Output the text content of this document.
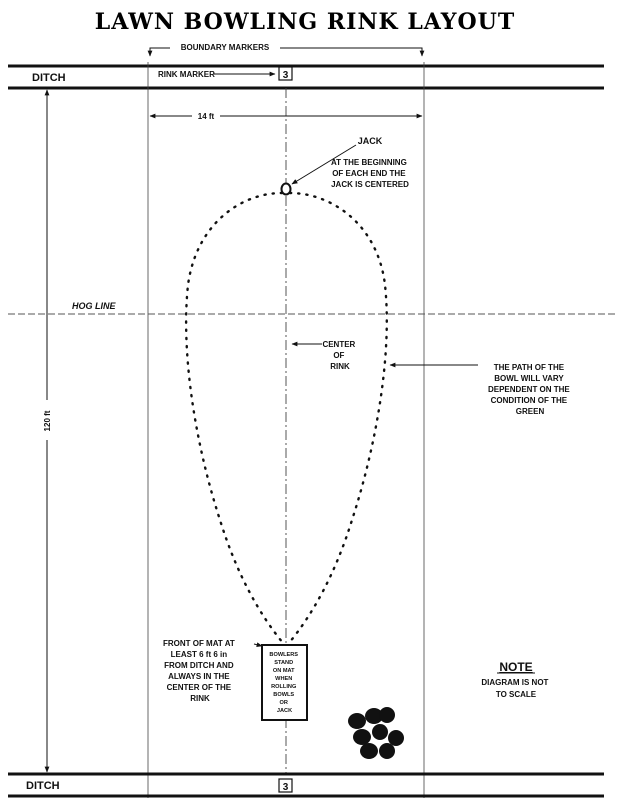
LAWN BOWLING RINK LAYOUT
BOUNDARY MARKERS
DITCH	RINK MARKER	3
14 ft
120 ft
HOG LINE
JACK
AT THE BEGINNING OF EACH END THE JACK IS CENTERED
CENTER OF RINK	THE PATH OF THE BOWL WILL VARY DEPENDENT ON THE CONDITION OF THE GREEN
FRONT OF MAT AT LEAST 6 ft 6 in FROM DITCH AND ALWAYS IN THE CENTER OF THE RINK
BOWLERS STAND ON MAT WHEN ROLLING BOWLS OR JACK
NOTE
DIAGRAM IS NOT TO SCALE
DITCH	3
